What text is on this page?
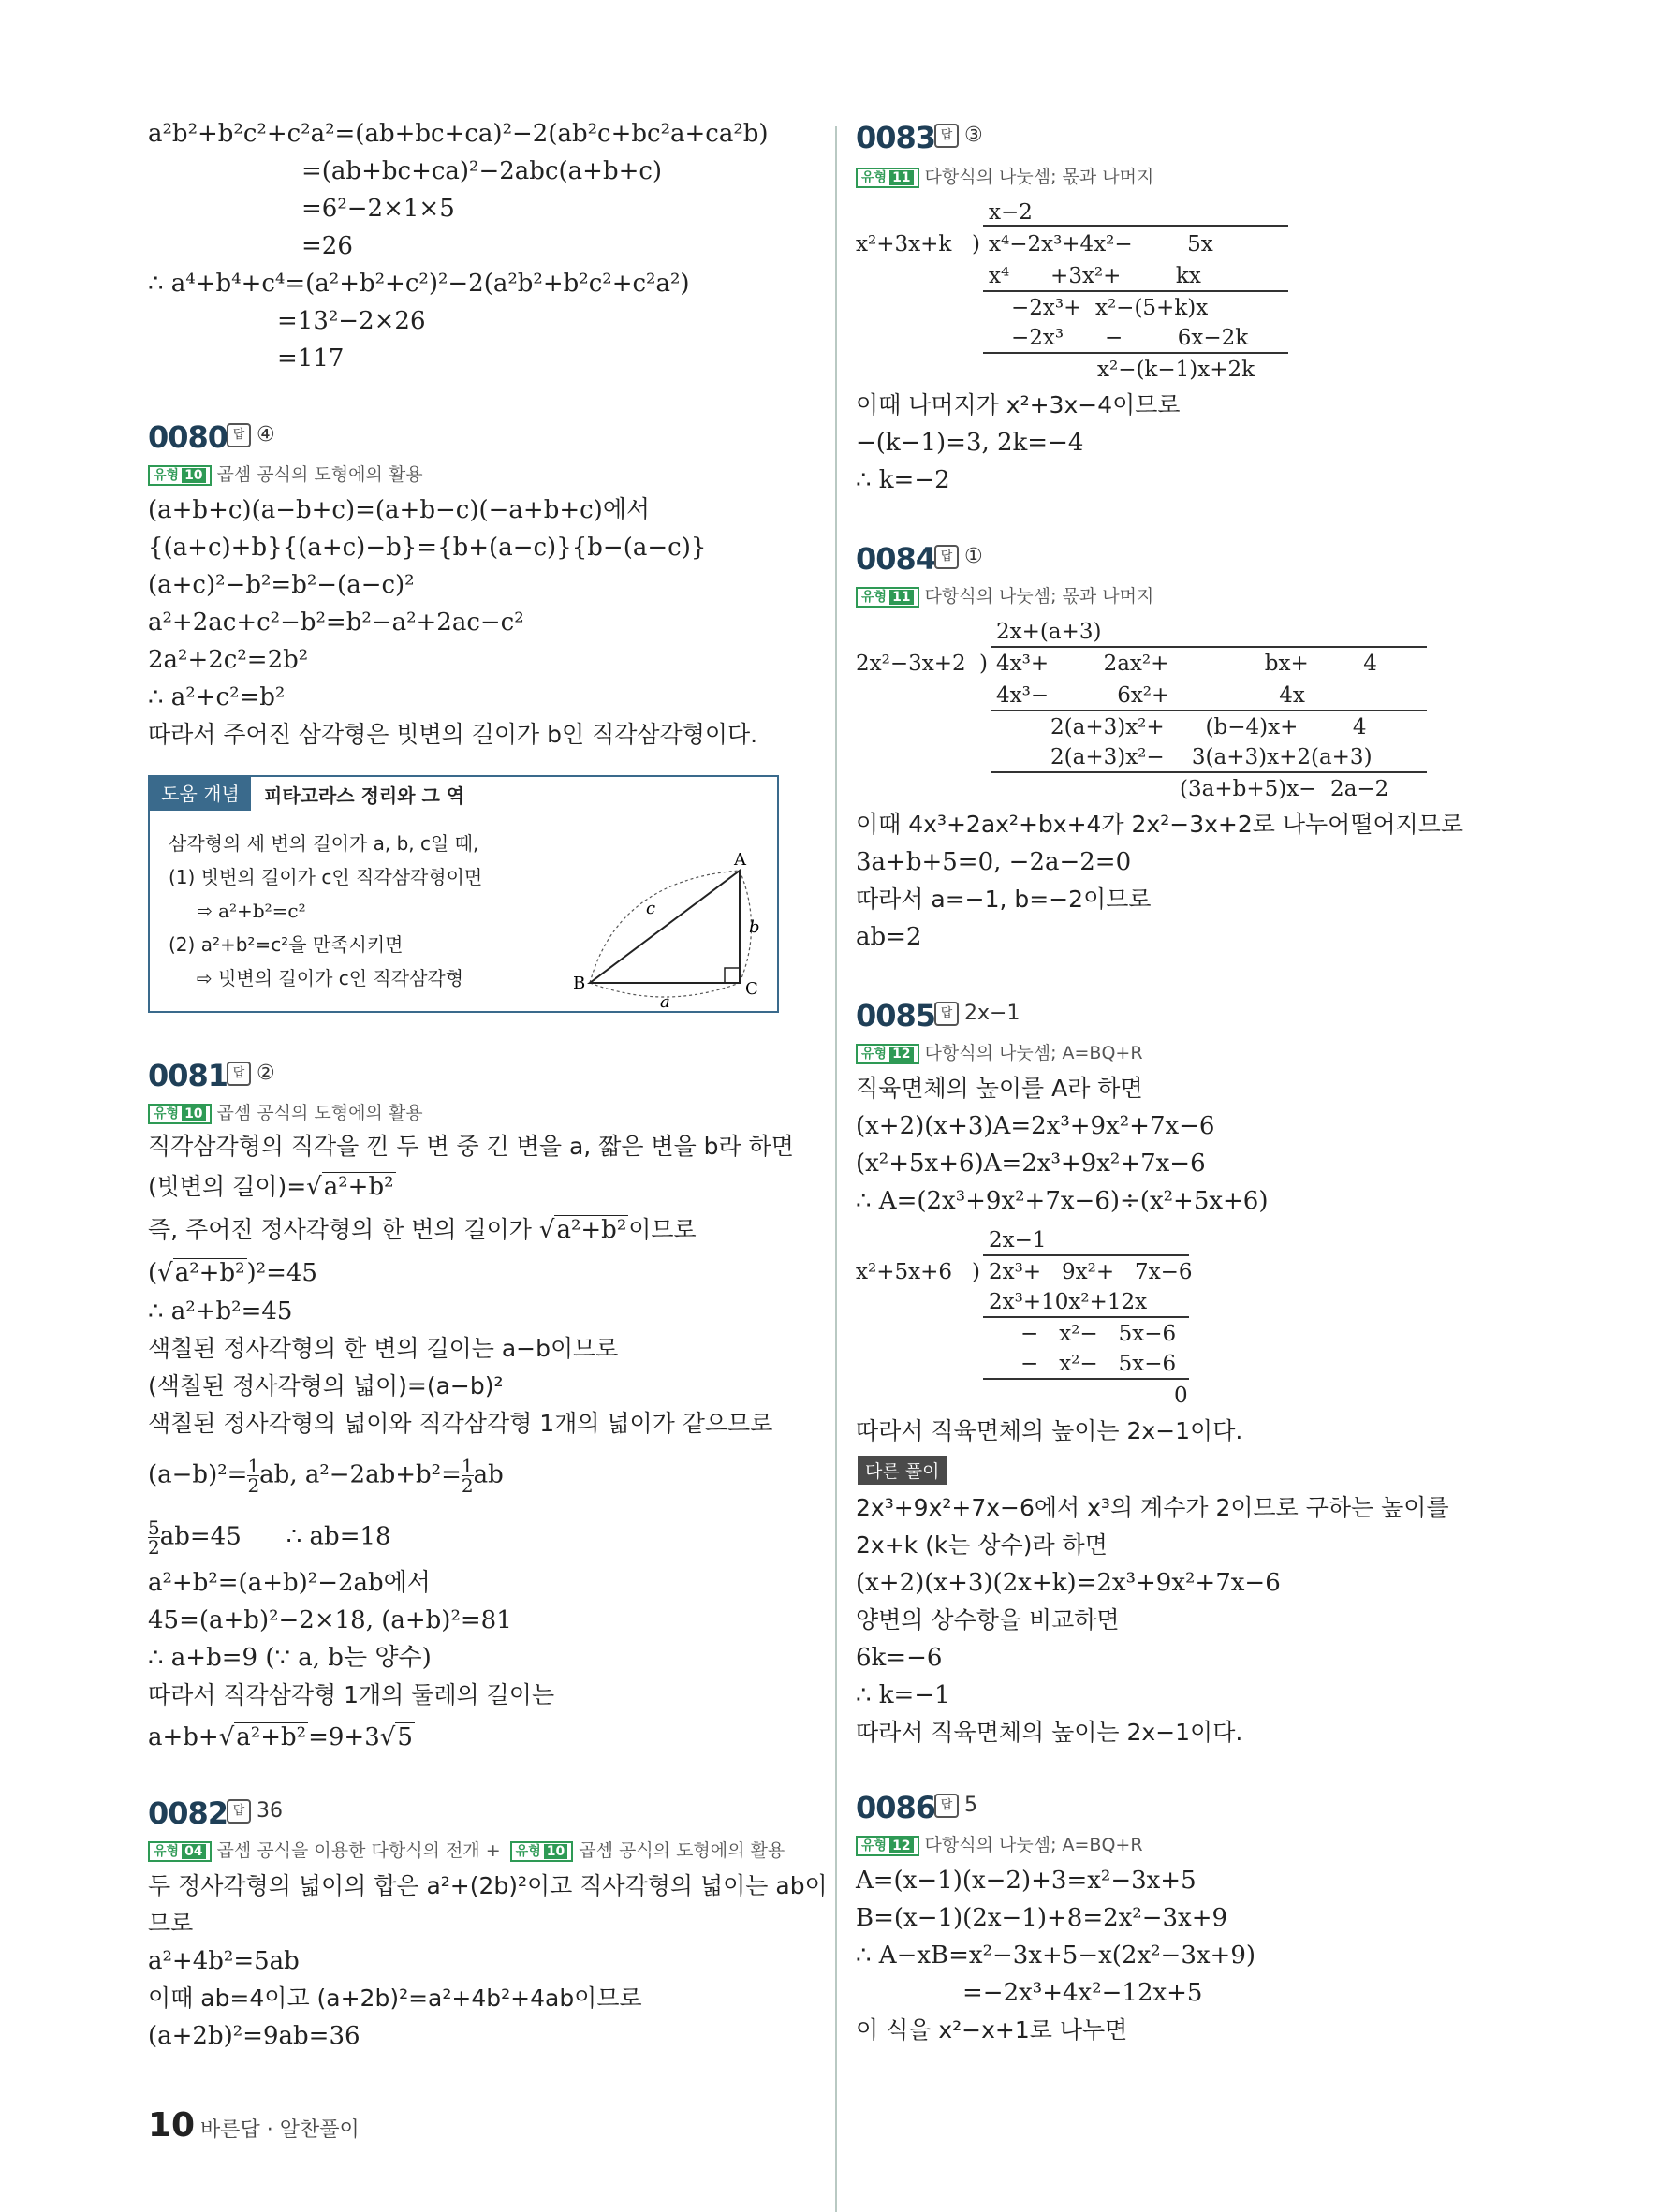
a²b²+b²c²+c²a²=(ab+bc+ca)²−2(ab²c+bc²a+ca²b)
=(ab+bc+ca)²−2abc(a+b+c)
=6²−2×1×5
=26
∴ a⁴+b⁴+c⁴=(a²+b²+c²)²−2(a²b²+b²c²+c²a²)
=13²−2×26
=117
0080 답 ④
유형 10 곱셈 공식의 도형에의 활용
(a+b+c)(a−b+c)=(a+b−c)(−a+b+c)에서
{(a+c)+b}{(a+c)−b}={b+(a−c)}{b−(a−c)}
(a+c)²−b²=b²−(a−c)²
a²+2ac+c²−b²=b²−a²+2ac−c²
2a²+2c²=2b²
∴ a²+c²=b²
따라서 주어진 삼각형은 빗변의 길이가 b인 직각삼각형이다.
도움 개념	피타고라스 정리와 그 역
삼각형의 세 변의 길이가 a, b, c일 때,
(1) 빗변의 길이가 c인 직각삼각형이면
⇨ a²+b²=c²
(2) a²+b²=c²을 만족시키면
⇨ 빗변의 길이가 c인 직각삼각형
A
B	C
a
b
c
0081 답 ②
유형 10 곱셈 공식의 도형에의 활용
직각삼각형의 직각을 낀 두 변 중 긴 변을 a, 짧은 변을 b라 하면
(빗변의 길이)=√a²+b²
즉, 주어진 정사각형의 한 변의 길이가 √a²+b²이므로
(√a²+b²)²=45
∴ a²+b²=45
색칠된 정사각형의 한 변의 길이는 a−b이므로
(색칠된 정사각형의 넓이)=(a−b)²
색칠된 정사각형의 넓이와 직각삼각형 1개의 넓이가 같으므로
$(a-b)^2= \frac{1}{2}$ ab, $a^2-2ab+b^2= \frac{1}{2}$ ab
$\frac{5}{2} ab=45$ ∴ ab=18
a²+b²=(a+b)²−2ab에서
45=(a+b)²−2×18, (a+b)²=81
∴ a+b=9 (∵ a, b는 양수)
따라서 직각삼각형 1개의 둘레의 길이는
a+b+√a²+b²=9+3√5
0082 답 36
유형 04 곱셈 공식을 이용한 다항식의 전개 + 유형 10 곱셈 공식의 도형에의 활용
두 정사각형의 넓이의 합은 a²+(2b)²이고 직사각형의 넓이는 ab이
므로
a²+4b²=5ab
이때 ab=4이고 (a+2b)²=a²+4b²+4ab이므로
(a+2b)²=9ab=36
10 바른답 · 알찬풀이
0083 답 ③
유형 11 다항식의 나눗셈; 몫과 나머지
x−2
x²+3x+k ) x⁴−2x³+4x²−        5x
x⁴      +3x²+        kx
−2x³+  x²−(5+k)x
−2x³      −        6x−2k
x²−(k−1)x+2k
이때 나머지가 x²+3x−4이므로
−(k−1)=3, 2k=−4
∴ k=−2
0084 답 ①
유형 11 다항식의 나눗셈; 몫과 나머지
2x+(a+3)
2x²−3x+2 ) 4x³+        2ax²+              bx+        4
4x³−          6x²+                4x
2(a+3)x²+      (b−4)x+        4
2(a+3)x²−    3(a+3)x+2(a+3)
(3a+b+5)x−  2a−2
이때 4x³+2ax²+bx+4가 2x²−3x+2로 나누어떨어지므로
3a+b+5=0, −2a−2=0
따라서 a=−1, b=−2이므로
ab=2
0085 답 2x−1
유형 12 다항식의 나눗셈; A=BQ+R
직육면체의 높이를 A라 하면
(x+2)(x+3)A=2x³+9x²+7x−6
(x²+5x+6)A=2x³+9x²+7x−6
∴ A=(2x³+9x²+7x−6)÷(x²+5x+6)
2x−1
x²+5x+6 ) 2x³+   9x²+   7x−6
2x³+10x²+12x
−   x²−   5x−6
−   x²−   5x−6
0
따라서 직육면체의 높이는 2x−1이다.
다른 풀이
2x³+9x²+7x−6에서 x³의 계수가 2이므로 구하는 높이를
2x+k (k는 상수)라 하면
(x+2)(x+3)(2x+k)=2x³+9x²+7x−6
양변의 상수항을 비교하면
6k=−6
∴ k=−1
따라서 직육면체의 높이는 2x−1이다.
0086 답 5
유형 12 다항식의 나눗셈; A=BQ+R
A=(x−1)(x−2)+3=x²−3x+5
B=(x−1)(2x−1)+8=2x²−3x+9
∴ A−xB=x²−3x+5−x(2x²−3x+9)
=−2x³+4x²−12x+5
이 식을 x²−x+1로 나누면
